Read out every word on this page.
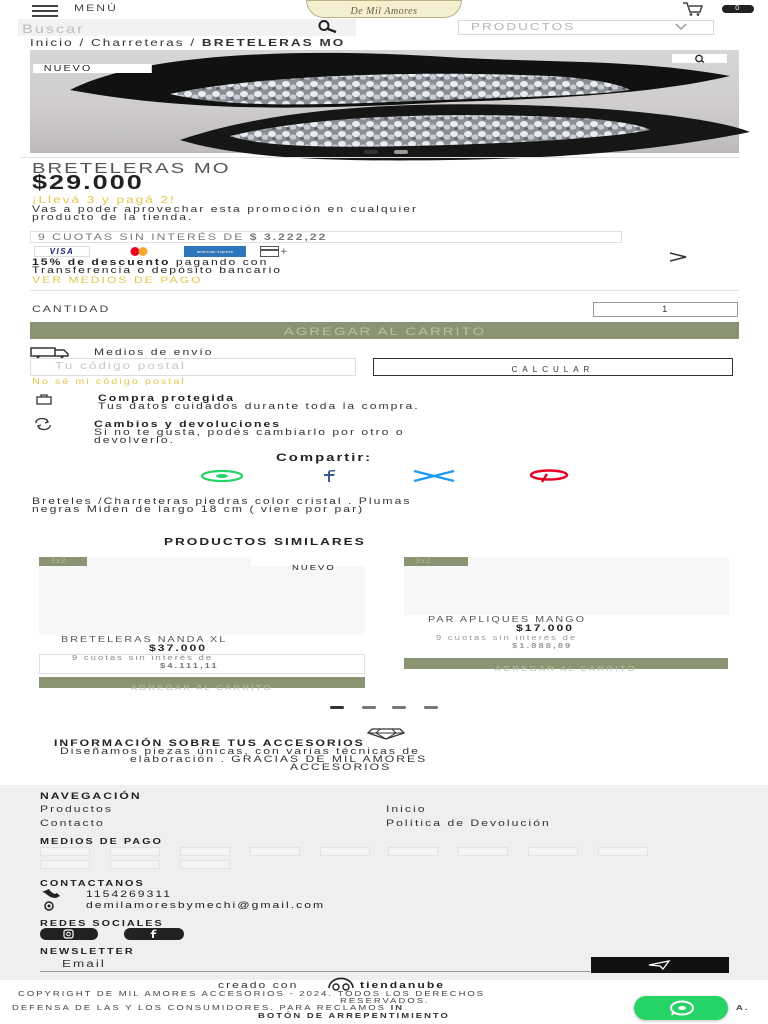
MENÚ	De Mil Amores	0
Buscar	PRODUCTOS
Inicio / Charreteras / BRETELERAS MO
NUEVO
BRETELERAS MO
$29.000
¡Llevá 3 y pagá 2!
Vas a poder aprovechar esta promoción en cualquier
producto de la tienda.
9 CUOTAS SIN INTERÉS DE $ 3.222,22
VISA	american express	+
15% de descuento pagando con
Transferencia o depósito bancario
VER MEDIOS DE PAGO
CANTIDAD	1
AGREGAR AL CARRITO
Medios de envío
Tu código postal	CALCULAR
No sé mi código postal
Compra protegida
Tus datos cuidados durante toda la compra.
Cambios y devoluciones
Si no te gusta, podés cambiarlo por otro o
devolverlo.
Compartir:
Breteles /Charreteras piedras color cristal . Plumas
negras Miden de largo 18 cm ( viene por par)
PRODUCTOS SIMILARES
3x2
NUEVO
BRETELERAS NANDA XL
$37.000
9 cuotas sin interés de
$4.111,11
AGREGAR AL CARRITO
3x2
PAR APLIQUES MANGO
$17.000
9 cuotas sin interés de
$1.888,89
AGREGAR AL CARRITO
INFORMACIÓN SOBRE TUS ACCESORIOS
Diseñamos piezas únicas, con varias técnicas de
elaboración . GRACIAS DE MIL AMORES
ACCESORIOS
NAVEGACIÓN
Productos	Inicio
Contacto	Política de Devolución
MEDIOS DE PAGO
CONTACTANOS
1154269311
demilamoresbymechi@gmail.com
REDES SOCIALES
NEWSLETTER
Email
creado con	tiendanube
COPYRIGHT DE MIL AMORES ACCESORIOS - 2024. TODOS LOS DERECHOS
RESERVADOS.
DEFENSA DE LAS Y LOS CONSUMIDORES. PARA RECLAMOS IN	A.
BOTÓN DE ARREPENTIMIENTO
